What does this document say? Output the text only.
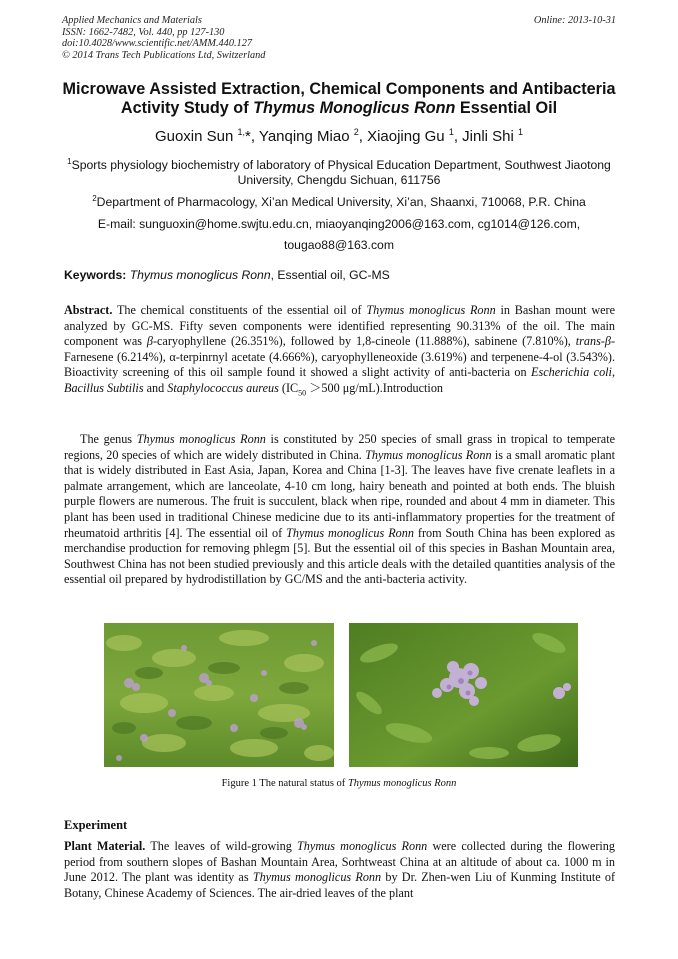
Applied Mechanics and Materials
ISSN: 1662-7482, Vol. 440, pp 127-130
doi:10.4028/www.scientific.net/AMM.440.127
© 2014 Trans Tech Publications Ltd, Switzerland
Online: 2013-10-31
Microwave Assisted Extraction, Chemical Components and Antibacteria
Activity Study of Thymus Monoglicus Ronn Essential Oil
Guoxin Sun $^{1,}$*, Yanqing Miao $^2$, Xiaojing Gu $^1$, Jinli Shi $^1$
$^1$Sports physiology biochemistry of laboratory of Physical Education Department, Southwest Jiaotong University, Chengdu Sichuan, 611756
$^2$Department of Pharmacology, Xi’an Medical University, Xi’an, Shaanxi, 710068, P.R. China
E-mail: sunguoxin@home.swjtu.edu.cn, miaoyanqing2006@163.com, cg1014@126.com,
tougao88@163.com
Keywords: Thymus monoglicus Ronn, Essential oil, GC-MS
Abstract. The chemical constituents of the essential oil of Thymus monoglicus Ronn in Bashan mount were analyzed by GC-MS. Fifty seven components were identified representing 90.313% of the oil. The main component was β-caryophyllene (26.351%), followed by 1,8-cineole (11.888%), sabinene (7.810%), trans-β-Farnesene (6.214%), α-terpinrnyl acetate (4.666%), caryophylleneoxide (3.619%) and terpenene-4-ol (3.543%). Bioactivity screening of this oil sample found it showed a slight activity of anti-bacteria on Escherichia coli, Bacillus Subtilis and Staphylococcus aureus ($IC_{50} >500$ μg/mL).Introduction
The genus Thymus monoglicus Ronn is constituted by 250 species of small grass in tropical to temperate regions, 20 species of which are widely distributed in China. Thymus monoglicus Ronn is a small aromatic plant that is widely distributed in East Asia, Japan, Korea and China [1-3]. The leaves have five crenate leaflets in a palmate arrangement, which are lanceolate, 4-10 cm long, hairy beneath and pointed at both ends. The bluish purple flowers are numerous. The fruit is succulent, black when ripe, rounded and about 4 mm in diameter. This plant has been used in traditional Chinese medicine due to its anti-inflammatory properties for the treatment of rheumatoid arthritis [4]. The essential oil of Thymus monoglicus Ronn from South China has been explored as merchandise production for removing phlegm [5]. But the essential oil of this species in Bashan Mountain area, Southwest China has not been studied previously and this article deals with the detailed quantities analysis of the essential oil prepared by hydrodistillation by GC/MS and the anti-bacteria activity.
Figure 1 The natural status of Thymus monoglicus Ronn
Experiment
Plant Material. The leaves of wild-growing Thymus monoglicus Ronn were collected during the flowering period from southern slopes of Bashan Mountain Area, Sorhtweast China at an altitude of about ca. 1000 m in June 2012. The plant was identity as Thymus monoglicus Ronn by Dr. Zhen-wen Liu of Kunming Institute of Botany, Chinese Academy of Sciences. The air-dried leaves of the plant
